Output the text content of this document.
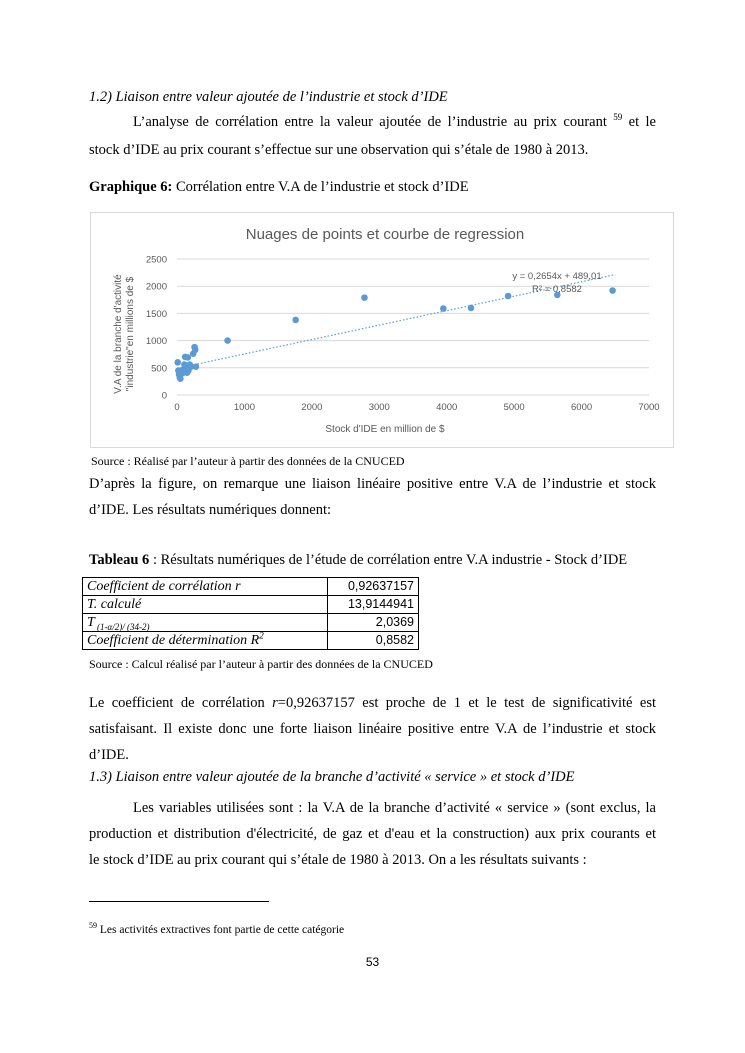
1.2) Liaison entre valeur ajoutée de l’industrie et stock d’IDE
L’analyse de corrélation entre la valeur ajoutée de l’industrie au prix courant $^{59}$ et le
stock d’IDE au prix courant s’effectue sur une observation qui s’étale de 1980 à 2013.
Graphique 6: Corrélation entre V.A de l’industrie et stock d’IDE
Nuages de points et courbe de regression
0
500
1000
1500
2000
2500
0	1000	2000	3000	4000	5000	6000	7000
y = 0,2654x + 489,01
R² = 0,8582
Stock d'IDE en million de $
V.A de la branche d'activité "industrie"en millions de $
Source : Réalisé par l’auteur à partir des données de la CNUCED
D’après la figure, on remarque une liaison linéaire positive entre V.A de l’industrie et stock
d’IDE. Les résultats numériques donnent:
Tableau 6 : Résultats numériques de l’étude de corrélation entre V.A industrie - Stock d’IDE
Coefficient de corrélation r	0,92637157
T. calculé	13,9144941
T $_{(1-\alpha/2)/ (34-2)}$	2,0369
Coefficient de détermination $R^2$	0,8582
Source : Calcul réalisé par l’auteur à partir des données de la CNUCED
Le coefficient de corrélation r=0,92637157 est proche de 1 et le test de significativité est
satisfaisant. Il existe donc une forte liaison linéaire positive entre V.A de l’industrie et stock
d’IDE.
1.3) Liaison entre valeur ajoutée de la branche d’activité « service » et stock d’IDE
Les variables utilisées sont : la V.A de la branche d’activité « service » (sont exclus, la
production et distribution d'électricité, de gaz et d'eau et la construction) aux prix courants et
le stock d’IDE au prix courant qui s’étale de 1980 à 2013. On a les résultats suivants :
$^{59}$ Les activités extractives font partie de cette catégorie
53
